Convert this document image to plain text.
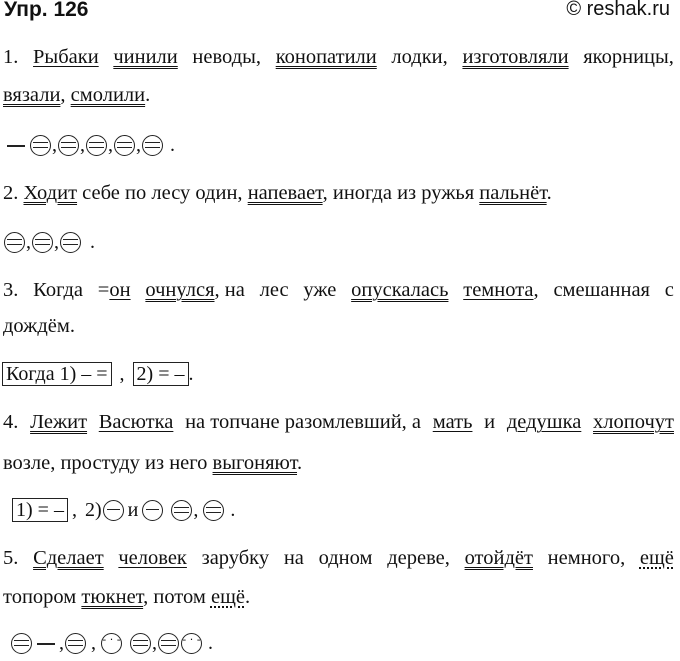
Упр. 126	© reshak.ru
1. Рыбаки чинили неводы, конопатили лодки, изготовляли якорницы,
вязали, смолили.
, , , , .
2. Ходит себе по лесу один, напевает, иногда из ружья пальнёт.
, , .
3. Когда =он очнулся, на лес уже опускалась темнота, смешанная с
дождём.
Когда 1) – = , 2) = – .
4. Лежит Васютка на топчане разомлевший, а мать и дедушка хлопочут
возле, простуду из него выгоняют.
1) = – , 2) и	, .
5. Сделает человек зарубку на одном дереве, отойдёт немного, ещё
топором тюкнет, потом ещё.
, , - · -	, - · -	.
